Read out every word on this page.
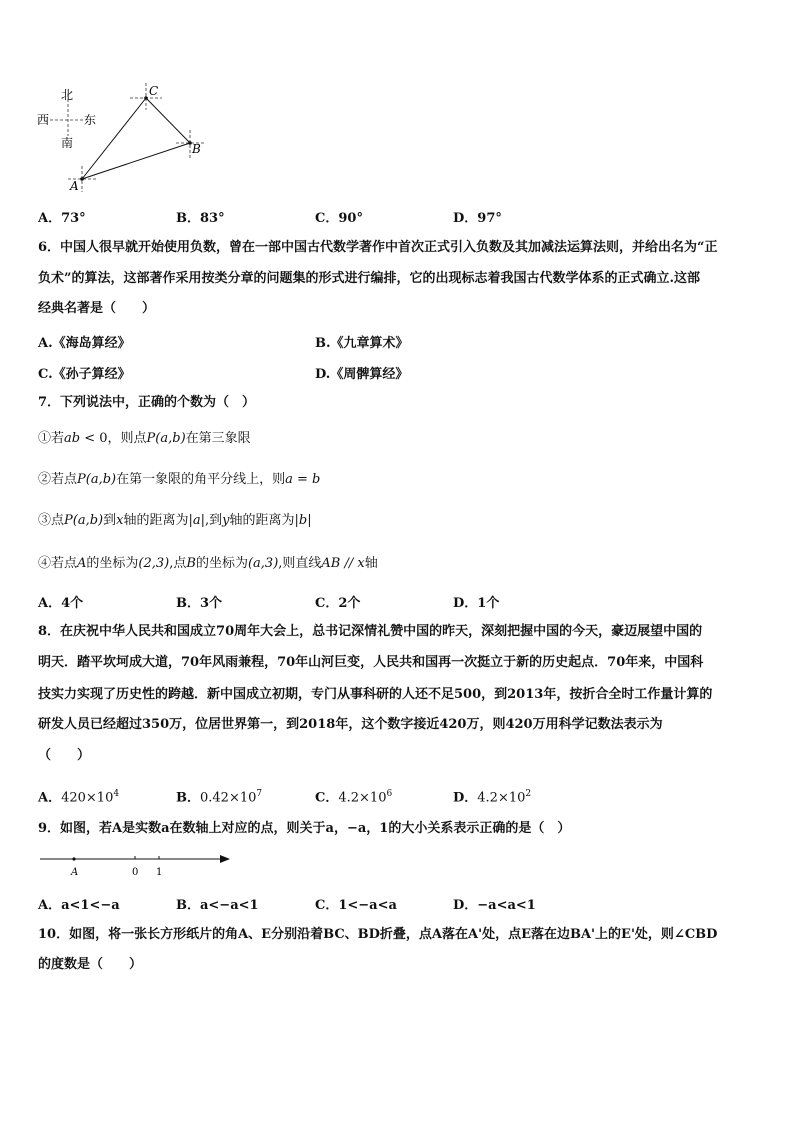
北
南
西	东
C
B
A
A．73°	B．83°	C．90°	D．97°
6．中国人很早就开始使用负数，曾在一部中国古代数学著作中首次正式引入负数及其加减法运算法则，并给出名为“正
负术”的算法，这部著作采用按类分章的问题集的形式进行编排，它的出现标志着我国古代数学体系的正式确立.这部
经典名著是（　　）
A.《海岛算经》	B.《九章算术》
C.《孙子算经》	D.《周髀算经》
7．下列说法中，正确的个数为（　）
①若ab < 0，则点P(a,b)在第三象限
②若点P(a,b)在第一象限的角平分线上，则a = b
③点P(a,b)到x轴的距离为|a|,到y轴的距离为|b|
④若点A的坐标为(2,3),点B的坐标为(a,3),则直线AB // x轴
A．4个	B．3个	C．2个	D．1个
8．在庆祝中华人民共和国成立70周年大会上，总书记深情礼赞中国的昨天，深刻把握中国的今天，豪迈展望中国的
明天．踏平坎坷成大道，70年风雨兼程，70年山河巨变，人民共和国再一次挺立于新的历史起点．70年来，中国科
技实力实现了历史性的跨越．新中国成立初期，专门从事科研的人还不足500，到2013年，按折合全时工作量计算的
研发人员已经超过350万，位居世界第一，到2018年，这个数字接近420万，则420万用科学记数法表示为
（　　）
A．$420\times 10^4$	B．$0.42\times 10^7$	C．$4.2\times 10^6$	D．$4.2\times 10^2$
9．如图，若A是实数a在数轴上对应的点，则关于a，−a，1的大小关系表示正确的是（　）
A	0 1
A．a<1<−a	B．a<−a<1	C．1<−a<a	D．−a<a<1
10．如图，将一张长方形纸片的角A、E分别沿着BC、BD折叠，点A落在A'处，点E落在边BA'上的E'处，则∠CBD
的度数是（　　）
